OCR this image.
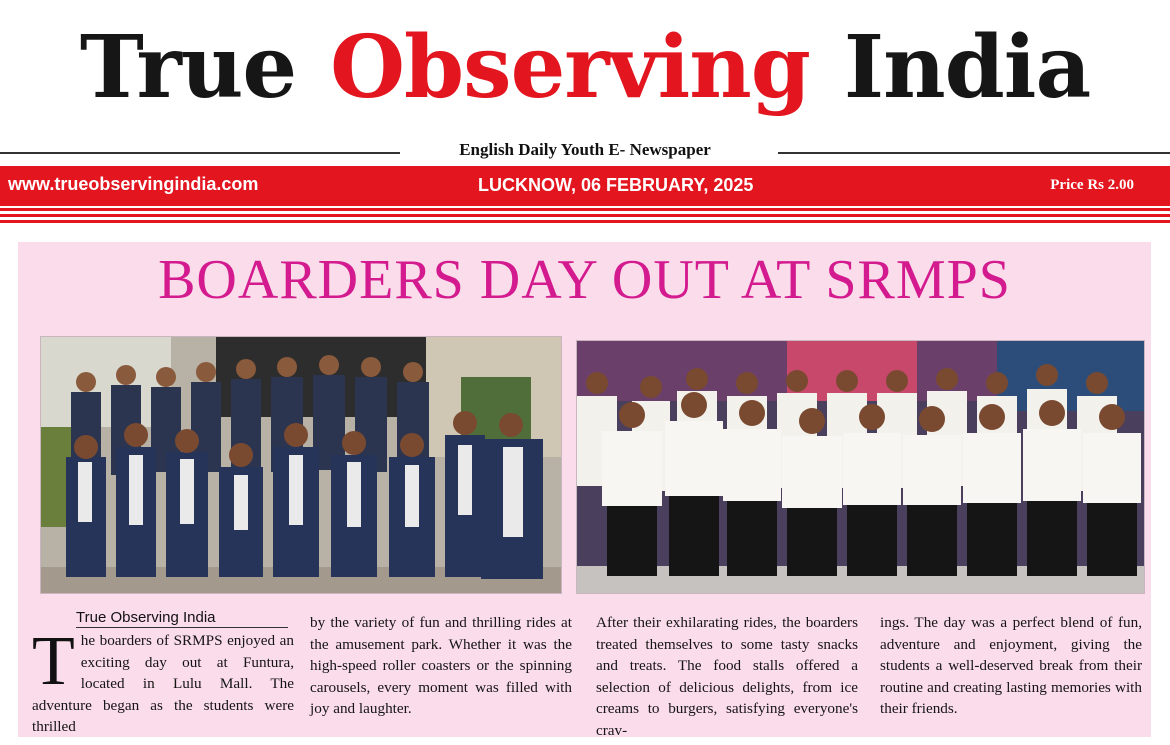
True Observing India
English Daily Youth E- Newspaper
www.trueobservingindia.com	LUCKNOW, 06 FEBRUARY, 2025	Price Rs 2.00
BOARDERS DAY OUT AT SRMPS
True Observing India
The boarders of SRMPS enjoyed an exciting day out at Funtura, located in Lulu Mall. The adventure began as the students were thrilled
by the variety of fun and thrilling rides at the amusement park. Whether it was the high-speed roller coasters or the spinning carousels, every moment was filled with joy and laughter.
After their exhilarating rides, the boarders treated themselves to some tasty snacks and treats. The food stalls offered a selection of delicious delights, from ice creams to burgers, satisfying everyone's crav-
ings. The day was a perfect blend of fun, adventure and enjoyment, giving the students a well-deserved break from their routine and creating lasting memories with their friends.
